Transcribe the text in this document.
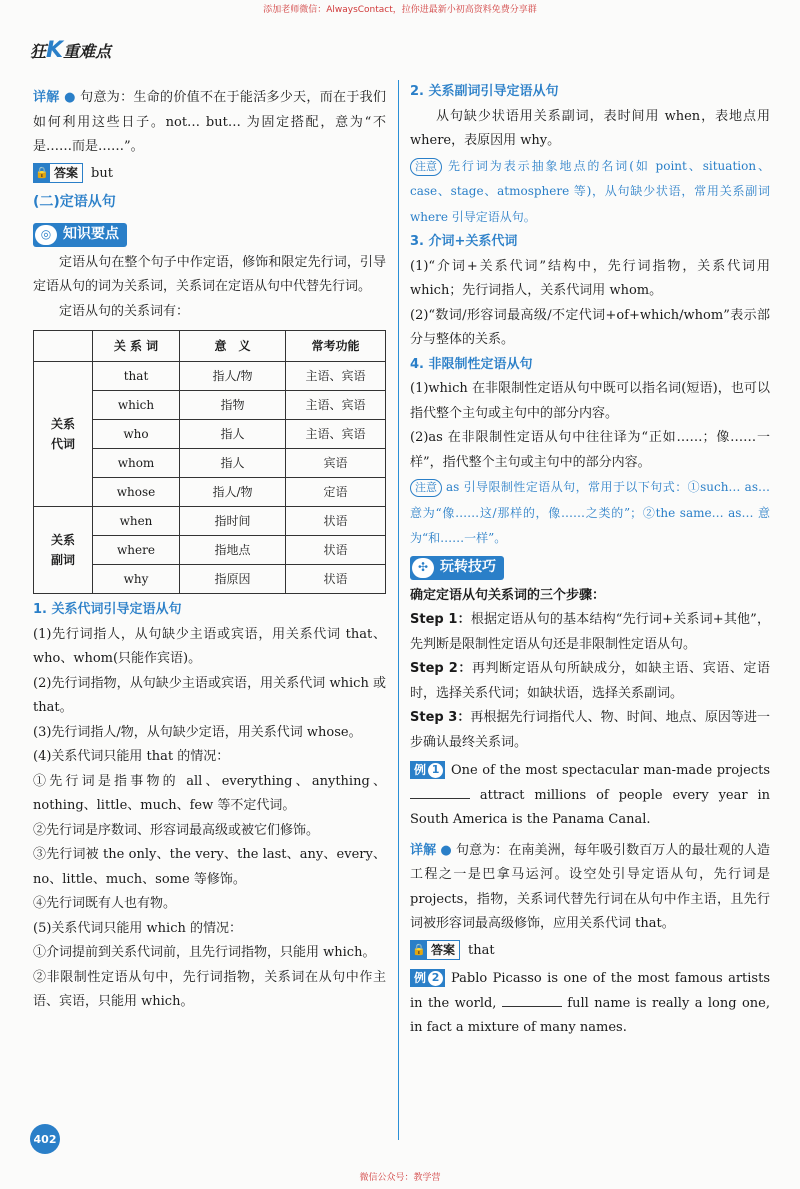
添加老师微信：AlwaysContact，拉你进最新小初高资料免费分享群
狂K重难点

详解 ● 句意为：生命的价值不在于能活多少天，而在于我们如何利用这些日子。not… but… 为固定搭配，意为“不是……而是……”。

🔒 答案	but

(二)定语从句
◎ 知识要点

定语从句在整个句子中作定语，修饰和限定先行词，引导定语从句的词为关系词，关系词在定语从句中代替先行词。

定语从句的关系词有：

	关 系 词	意　义	常考功能
关系
代词	that	指人/物	主语、宾语
	which	指物	主语、宾语
	who	指人	主语、宾语
	whom	指人	宾语
	whose	指人/物	定语
关系
副词	when	指时间	状语
	where	指地点	状语
	why	指原因	状语
1. 关系代词引导定语从句

(1)先行词指人，从句缺少主语或宾语，用关系代词 that、who、whom(只能作宾语)。

(2)先行词指物，从句缺少主语或宾语，用关系代词 which 或 that。

(3)先行词指人/物，从句缺少定语，用关系代词 whose。

(4)关系代词只能用 that 的情况：

①先行词是指事物的 all、everything、anything、nothing、little、much、few 等不定代词。

②先行词是序数词、形容词最高级或被它们修饰。

③先行词被 the only、the very、the last、any、every、no、little、much、some 等修饰。

④先行词既有人也有物。

(5)关系代词只能用 which 的情况：

①介词提前到关系代词前，且先行词指物，只能用 which。

②非限制性定语从句中，先行词指物，关系词在从句中作主语、宾语，只能用 which。

2. 关系副词引导定语从句

从句缺少状语用关系副词，表时间用 when，表地点用 where，表原因用 why。

注意 先行词为表示抽象地点的名词(如 point、situation、case、stage、atmosphere 等)，从句缺少状语，常用关系副词 where 引导定语从句。

3. 介词+关系代词

(1)“介词+关系代词”结构中，先行词指物，关系代词用 which；先行词指人，关系代词用 whom。

(2)“数词/形容词最高级/不定代词+of+which/whom”表示部分与整体的关系。

4. 非限制性定语从句

(1)which 在非限制性定语从句中既可以指名词(短语)，也可以指代整个主句或主句中的部分内容。

(2)as 在非限制性定语从句中往往译为“正如……；像……一样”，指代整个主句或主句中的部分内容。

注意 as 引导限制性定语从句，常用于以下句式：①such… as… 意为“像……这/那样的，像……之类的”；②the same… as… 意为“和……一样”。

✣ 玩转技巧
确定定语从句关系词的三个步骤：

Step 1：根据定语从句的基本结构“先行词+关系词+其他”，先判断是限制性定语从句还是非限制性定语从句。

Step 2：再判断定语从句所缺成分，如缺主语、宾语、定语时，选择关系代词；如缺状语，选择关系副词。

Step 3：再根据先行词指代人、物、时间、地点、原因等进一步确认最终关系词。

例 1 One of the most spectacular man-made projects  attract millions of people every year in South America is the Panama Canal.

详解 ● 句意为：在南美洲，每年吸引数百万人的最壮观的人造工程之一是巴拿马运河。设空处引导定语从句，先行词是 projects，指物，关系词代替先行词在从句中作主语，且先行词被形容词最高级修饰，应用关系代词 that。

🔒 答案	that

例 2 Pablo Picasso is one of the most famous artists in the world,	full name is really a long one, in fact a mixture of many names.

402
微信公众号：教学营
